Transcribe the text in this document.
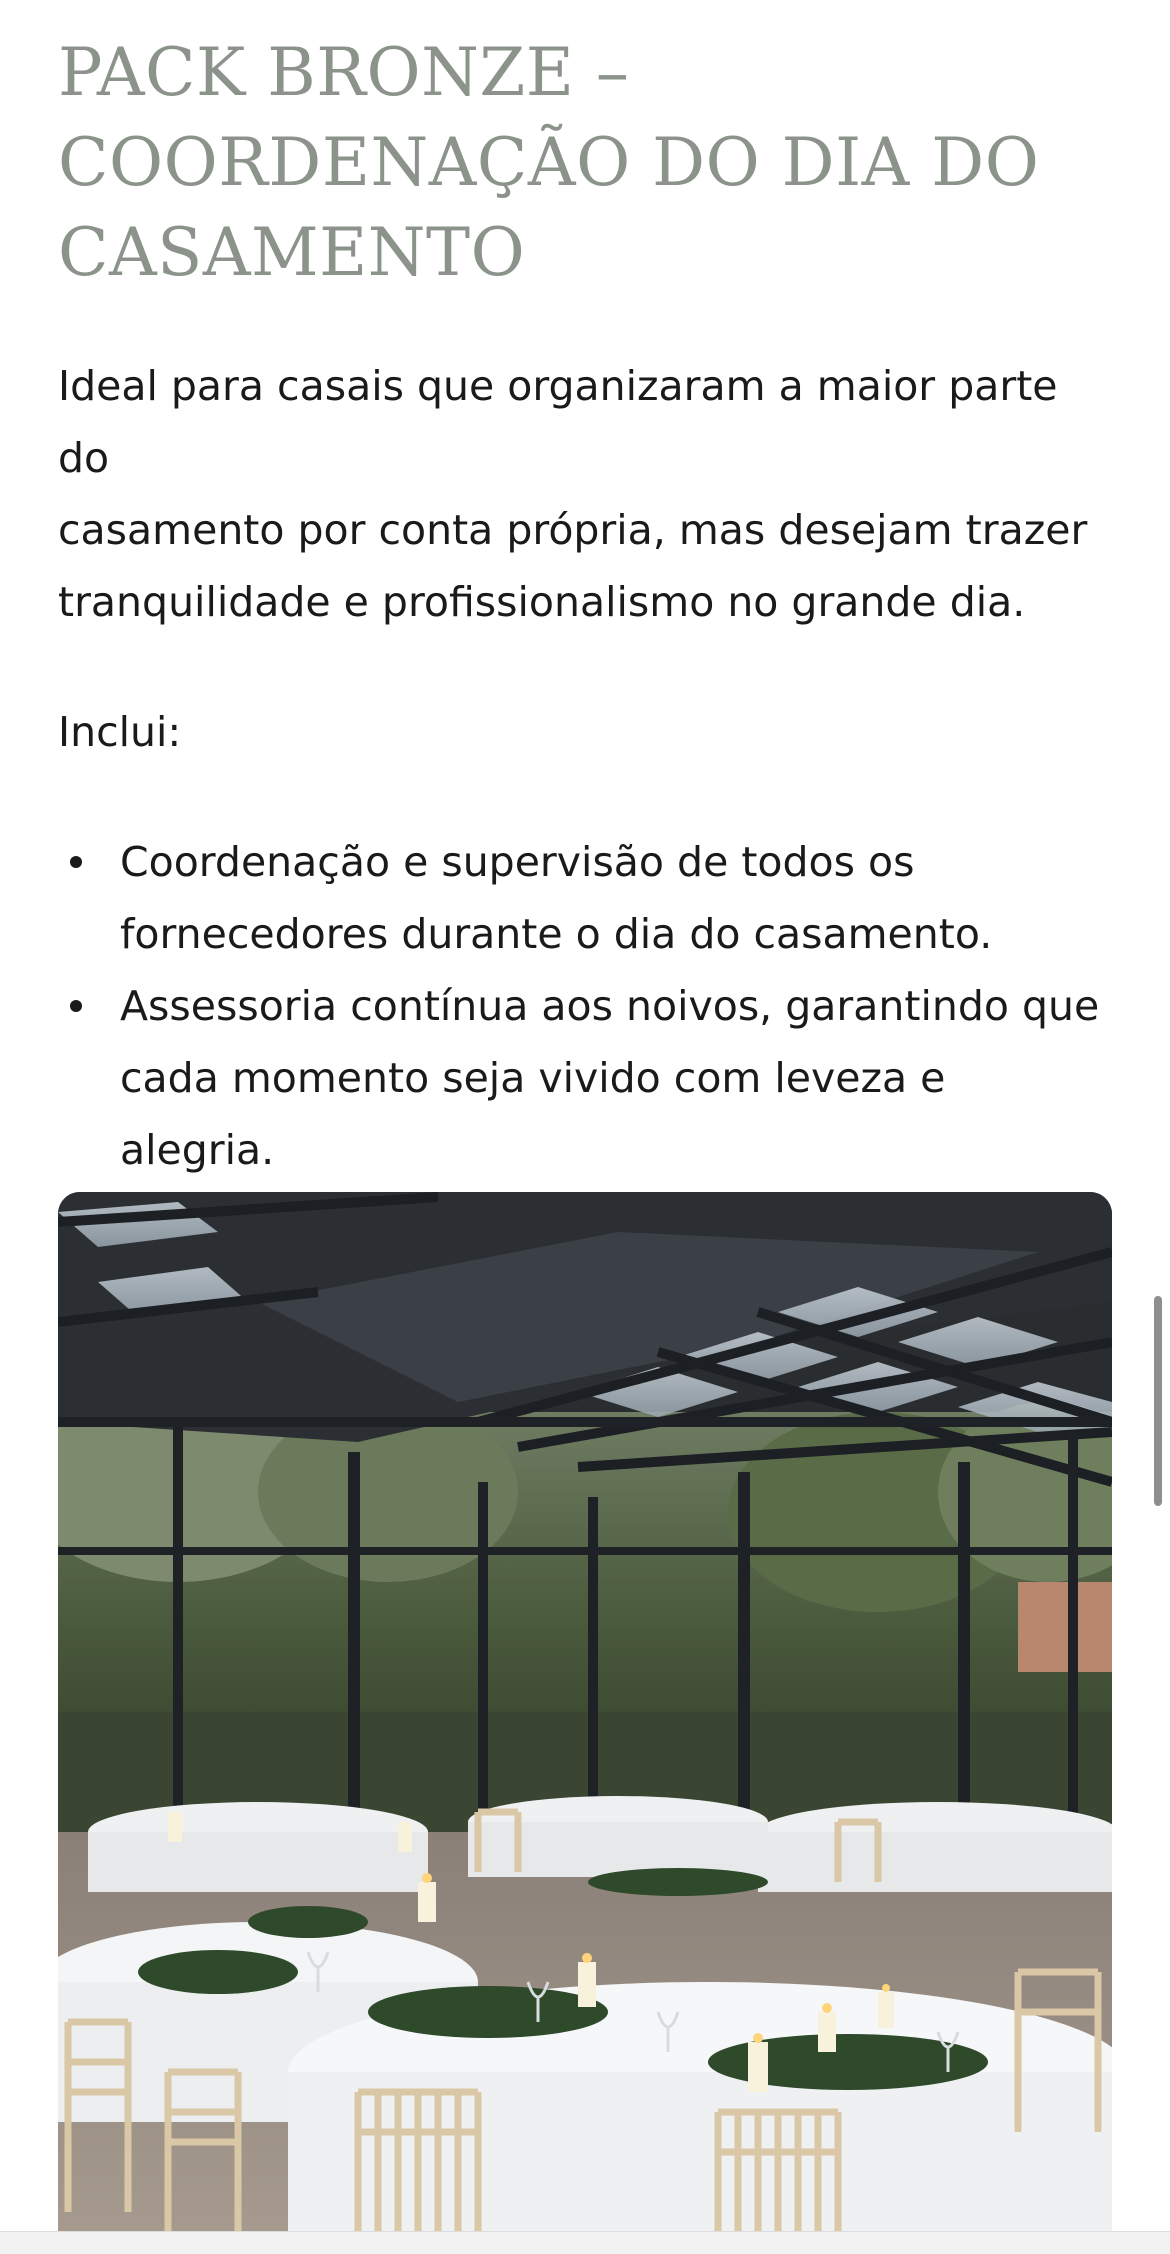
PACK BRONZE –
COORDENAÇÃO DO DIA DO
CASAMENTO

Ideal para casais que organizaram a maior parte do
casamento por conta própria, mas desejam trazer
tranquilidade e profissionalismo no grande dia.

Inclui:

Coordenação e supervisão de todos os
fornecedores durante o dia do casamento.
Assessoria contínua aos noivos, garantindo que
cada momento seja vivido com leveza e alegria.
